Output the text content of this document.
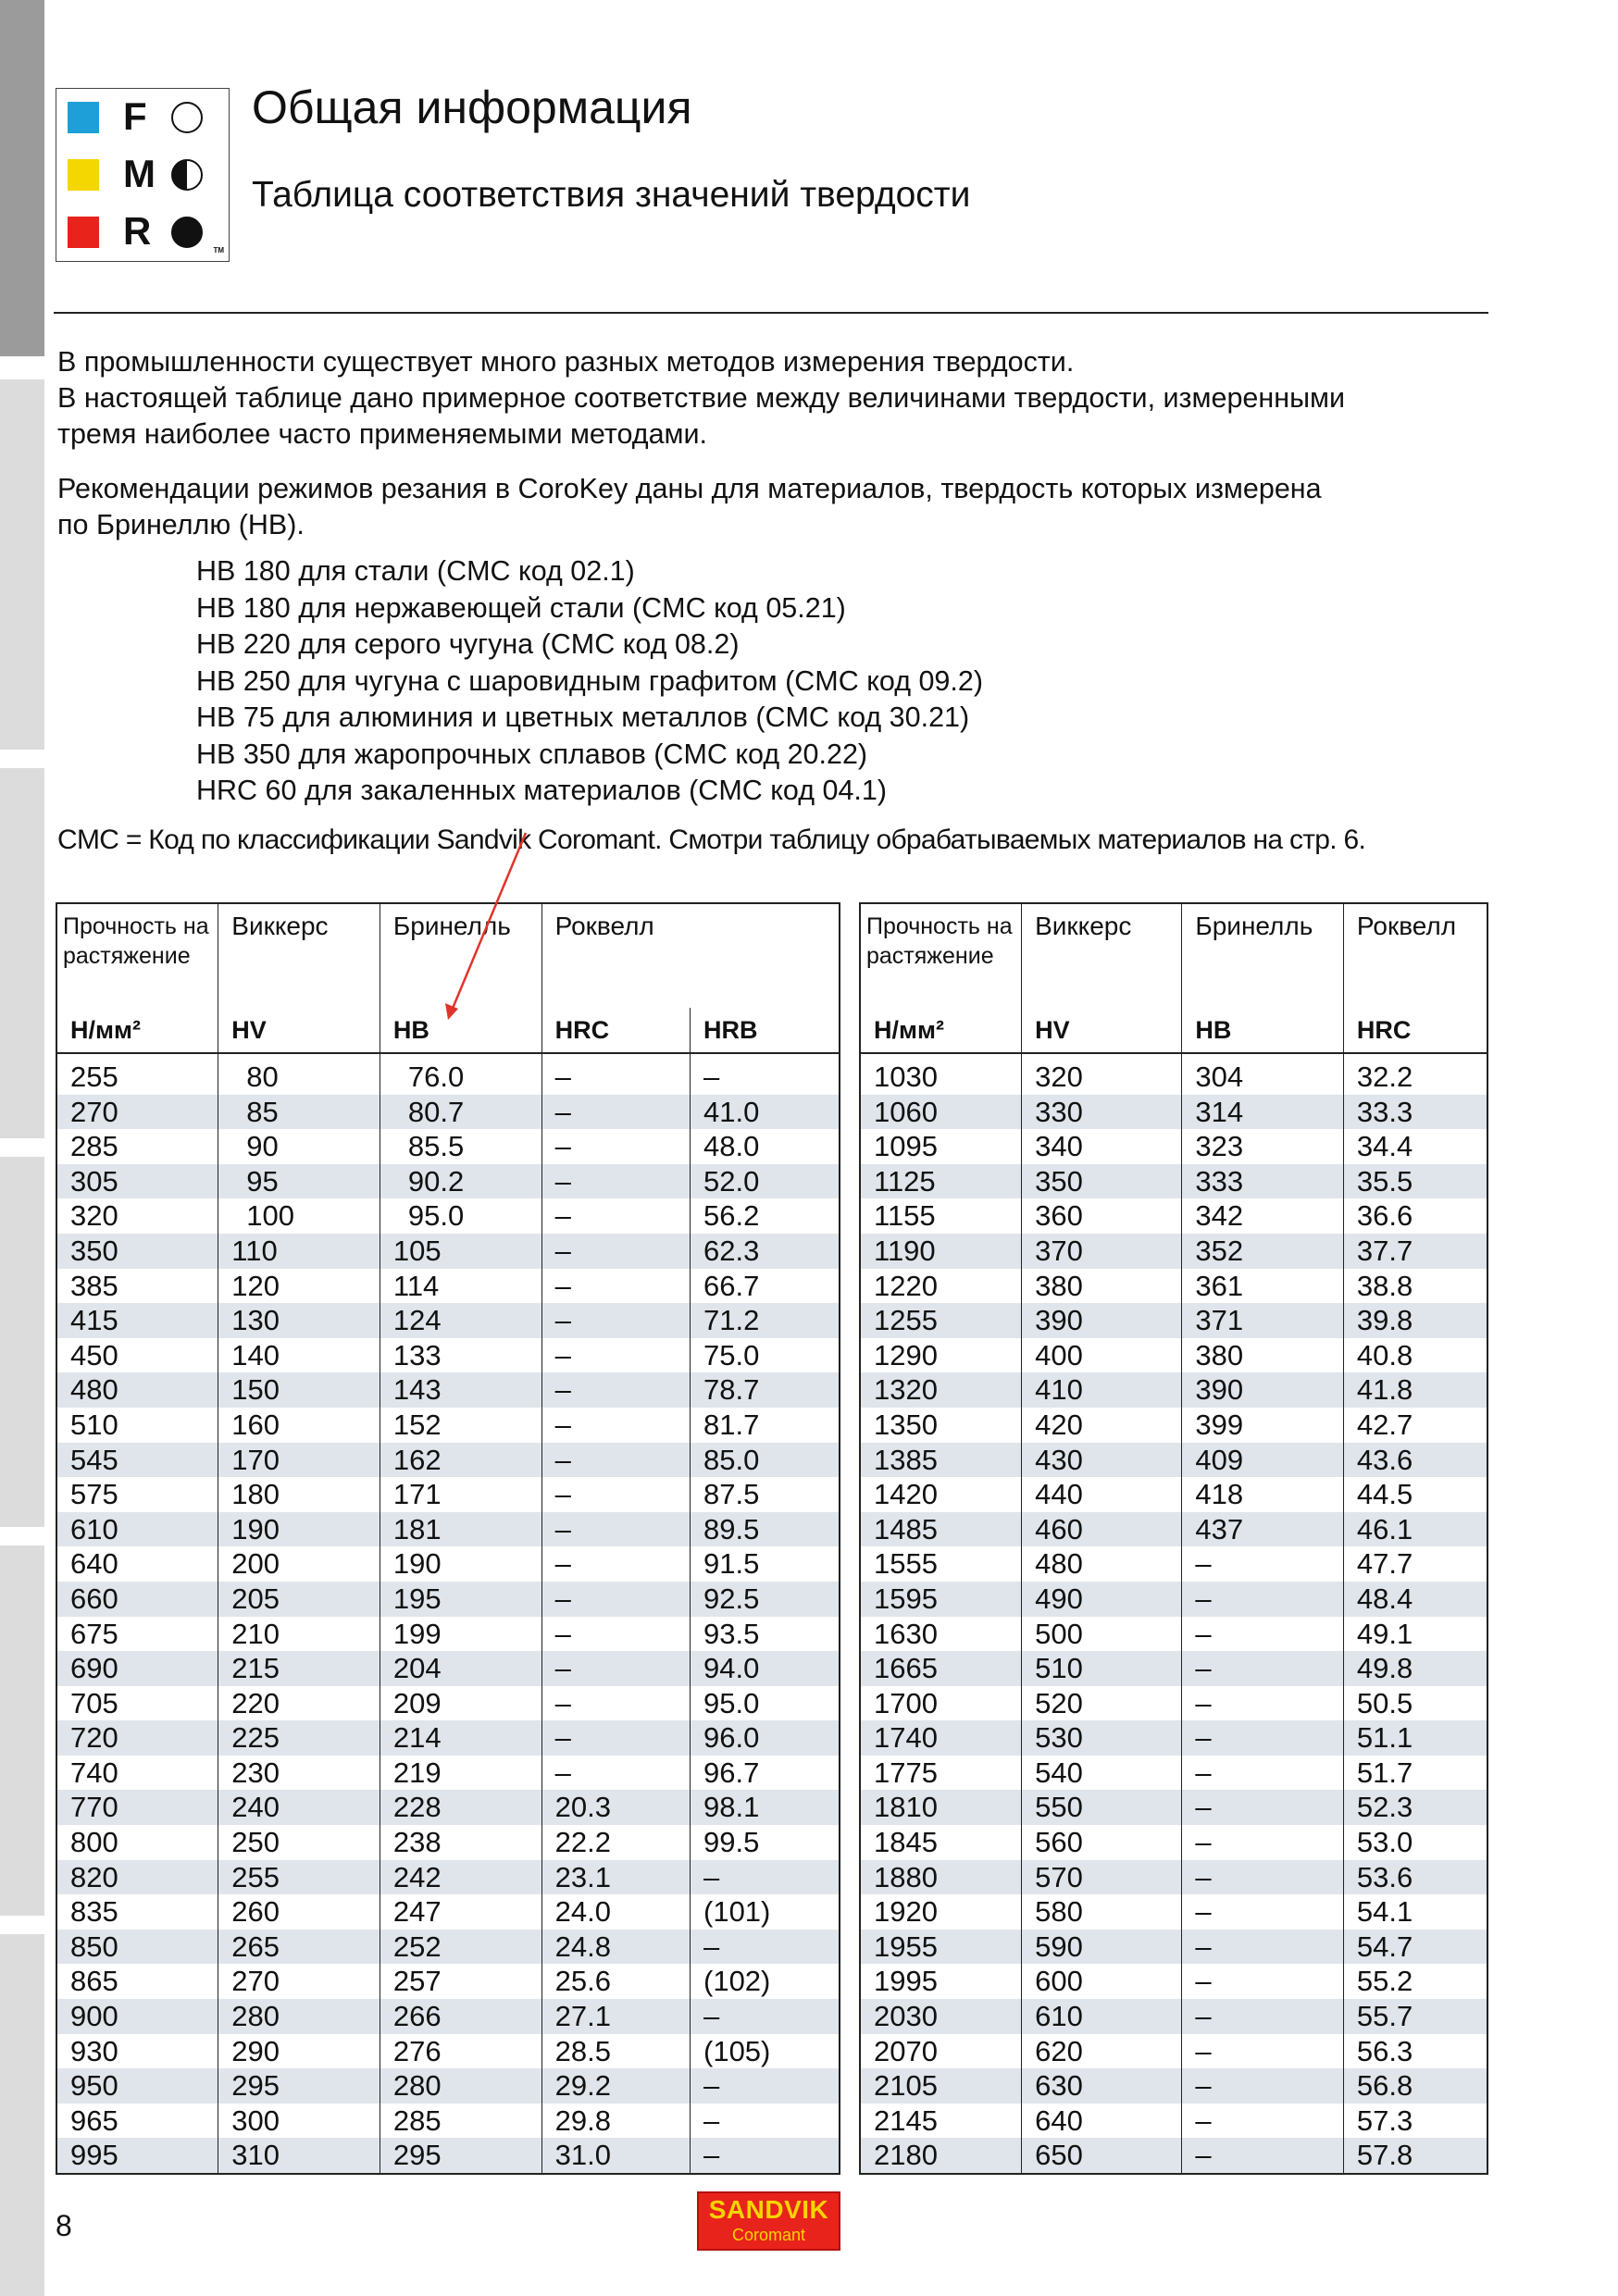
F
M
R	TM
Общая информация
Таблица соответствия значений твердости
В промышленности существует много разных методов измерения твердости.
В настоящей таблице дано примерное соответствие между величинами твердости, измеренными
тремя наиболее часто применяемыми методами.
Рекомендации режимов резания в CoroKey даны для материалов, твердость которых измерена
по Бринеллю (HB).
HB 180 для стали (CMC код 02.1)
HB 180 для нержавеющей стали (CMC код 05.21)
HB 220 для серого чугуна (CMC код 08.2)
HB 250 для чугуна с шаровидным графитом (CMC код 09.2)
HB 75 для алюминия и цветных металлов (CMC код 30.21)
HB 350 для жаропрочных сплавов (CMC код 20.22)
HRC 60 для закаленных материалов (CMC код 04.1)
CMC = Код по классификации Sandvik Coromant. Смотри таблицу обрабатываемых материалов на стр. 6.
Прочность на растяжение	Виккерс	Бринелль	Роквелл	
Н/мм²	HV	HB	HRC	HRB
255	80	76.0	–	–
270	85	80.7	–	41.0
285	90	85.5	–	48.0
305	95	90.2	–	52.0
320	100	95.0	–	56.2
350	110	105	–	62.3
385	120	114	–	66.7
415	130	124	–	71.2
450	140	133	–	75.0
480	150	143	–	78.7
510	160	152	–	81.7
545	170	162	–	85.0
575	180	171	–	87.5
610	190	181	–	89.5
640	200	190	–	91.5
660	205	195	–	92.5
675	210	199	–	93.5
690	215	204	–	94.0
705	220	209	–	95.0
720	225	214	–	96.0
740	230	219	–	96.7
770	240	228	20.3	98.1
800	250	238	22.2	99.5
820	255	242	23.1	–
835	260	247	24.0	(101)
850	265	252	24.8	–
865	270	257	25.6	(102)
900	280	266	27.1	–
930	290	276	28.5	(105)
950	295	280	29.2	–
965	300	285	29.8	–
995	310	295	31.0	–
Прочность на растяжение	Виккерс	Бринелль	Роквелл
Н/мм²	HV	HB	HRC
1030	320	304	32.2
1060	330	314	33.3
1095	340	323	34.4
1125	350	333	35.5
1155	360	342	36.6
1190	370	352	37.7
1220	380	361	38.8
1255	390	371	39.8
1290	400	380	40.8
1320	410	390	41.8
1350	420	399	42.7
1385	430	409	43.6
1420	440	418	44.5
1485	460	437	46.1
1555	480	–	47.7
1595	490	–	48.4
1630	500	–	49.1
1665	510	–	49.8
1700	520	–	50.5
1740	530	–	51.1
1775	540	–	51.7
1810	550	–	52.3
1845	560	–	53.0
1880	570	–	53.6
1920	580	–	54.1
1955	590	–	54.7
1995	600	–	55.2
2030	610	–	55.7
2070	620	–	56.3
2105	630	–	56.8
2145	640	–	57.3
2180	650	–	57.8
8	SANDVIK
Coromant
